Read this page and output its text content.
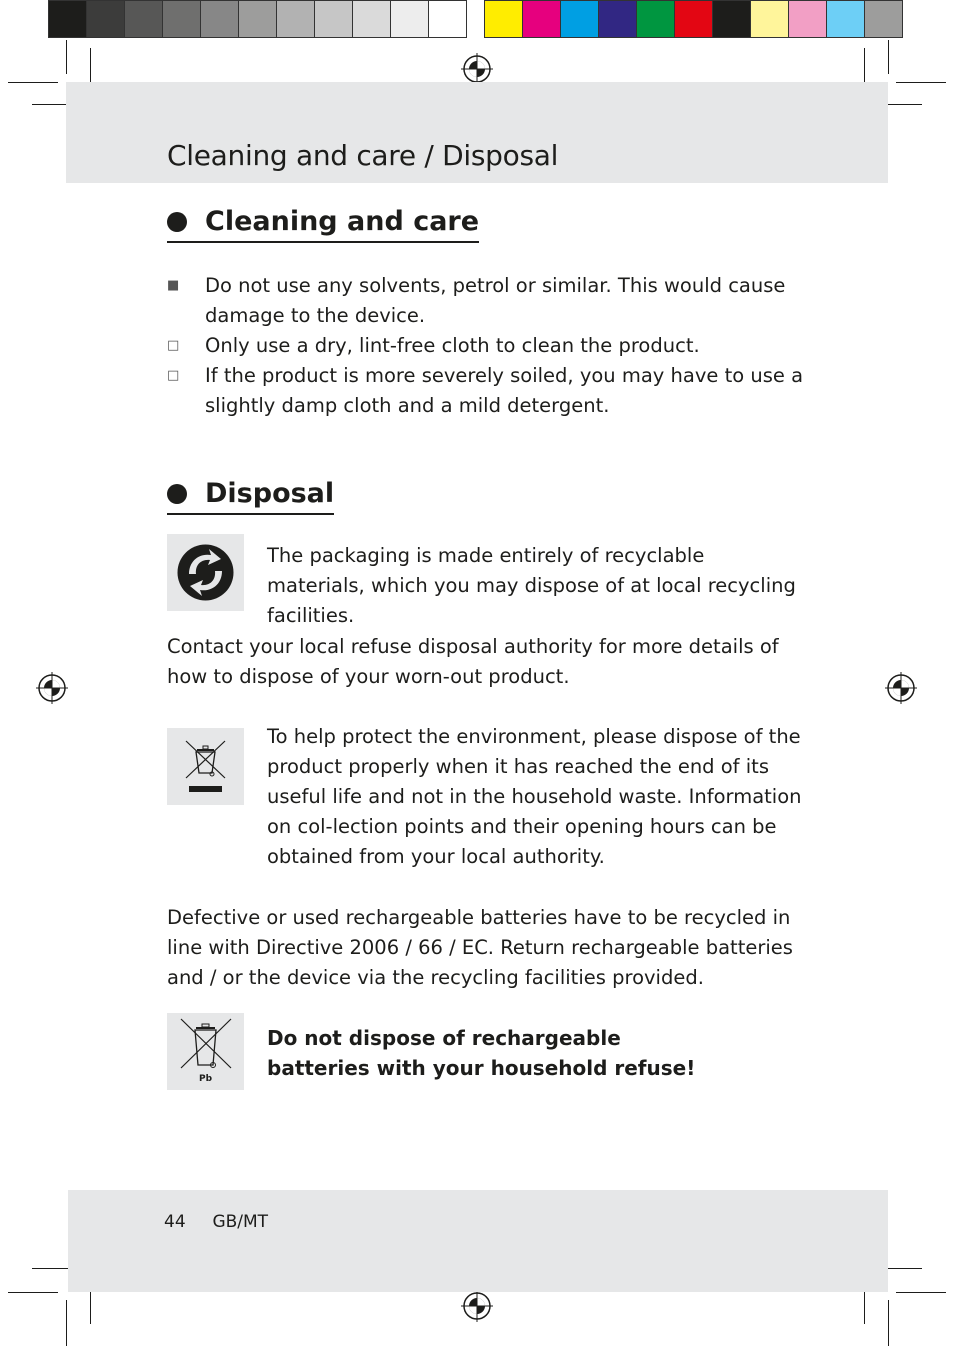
Cleaning and care / Disposal
Cleaning and care
■	Do not use any solvents, petrol or similar. This would cause damage to the device.
□	Only use a dry, lint-free cloth to clean the product.
□	If the product is more severely soiled, you may have to use a slightly damp cloth and a mild detergent.
Disposal
The packaging is made entirely of recyclable materials, which you may dispose of at local recycling facilities.
Contact your local refuse disposal authority for more details of how to dispose of your worn-out product.
To help protect the environment, please dispose of the product properly when it has reached the end of its useful life and not in the household waste. Information on col-lection points and their opening hours can be obtained from your local authority.
Defective or used rechargeable batteries have to be recycled in line with Directive 2006 / 66 / EC. Return rechargeable batteries and / or the device via the recycling facilities provided.
Pb
Do not dispose of rechargeable
batteries with your household refuse!
44 GB/MT
